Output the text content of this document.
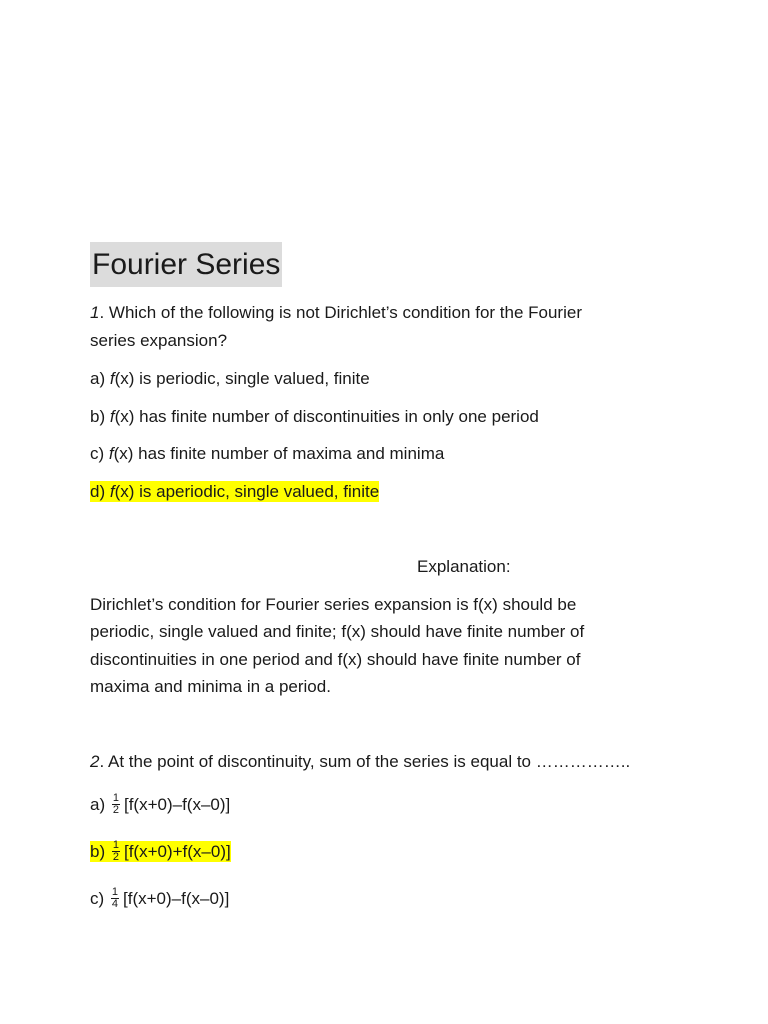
Fourier Series
1. Which of the following is not Dirichlet’s condition for the Fourier
series expansion?
a) f(x) is periodic, single valued, finite
b) f(x) has finite number of discontinuities in only one period
c) f(x) has finite number of maxima and minima
d) f(x) is aperiodic, single valued, finite
Explanation:
Dirichlet’s condition for Fourier series expansion is f(x) should be
periodic, single valued and finite; f(x) should have finite number of
discontinuities in one period and f(x) should have finite number of
maxima and minima in a period.
2. At the point of discontinuity, sum of the series is equal to ……………..
$a) \frac{1}{2} [f(x+0)-f(x-0)]$
$b) \frac{1}{2} [f(x+0)+f(x-0)]$
$c) \frac{1}{4} [f(x+0)-f(x-0)]$
